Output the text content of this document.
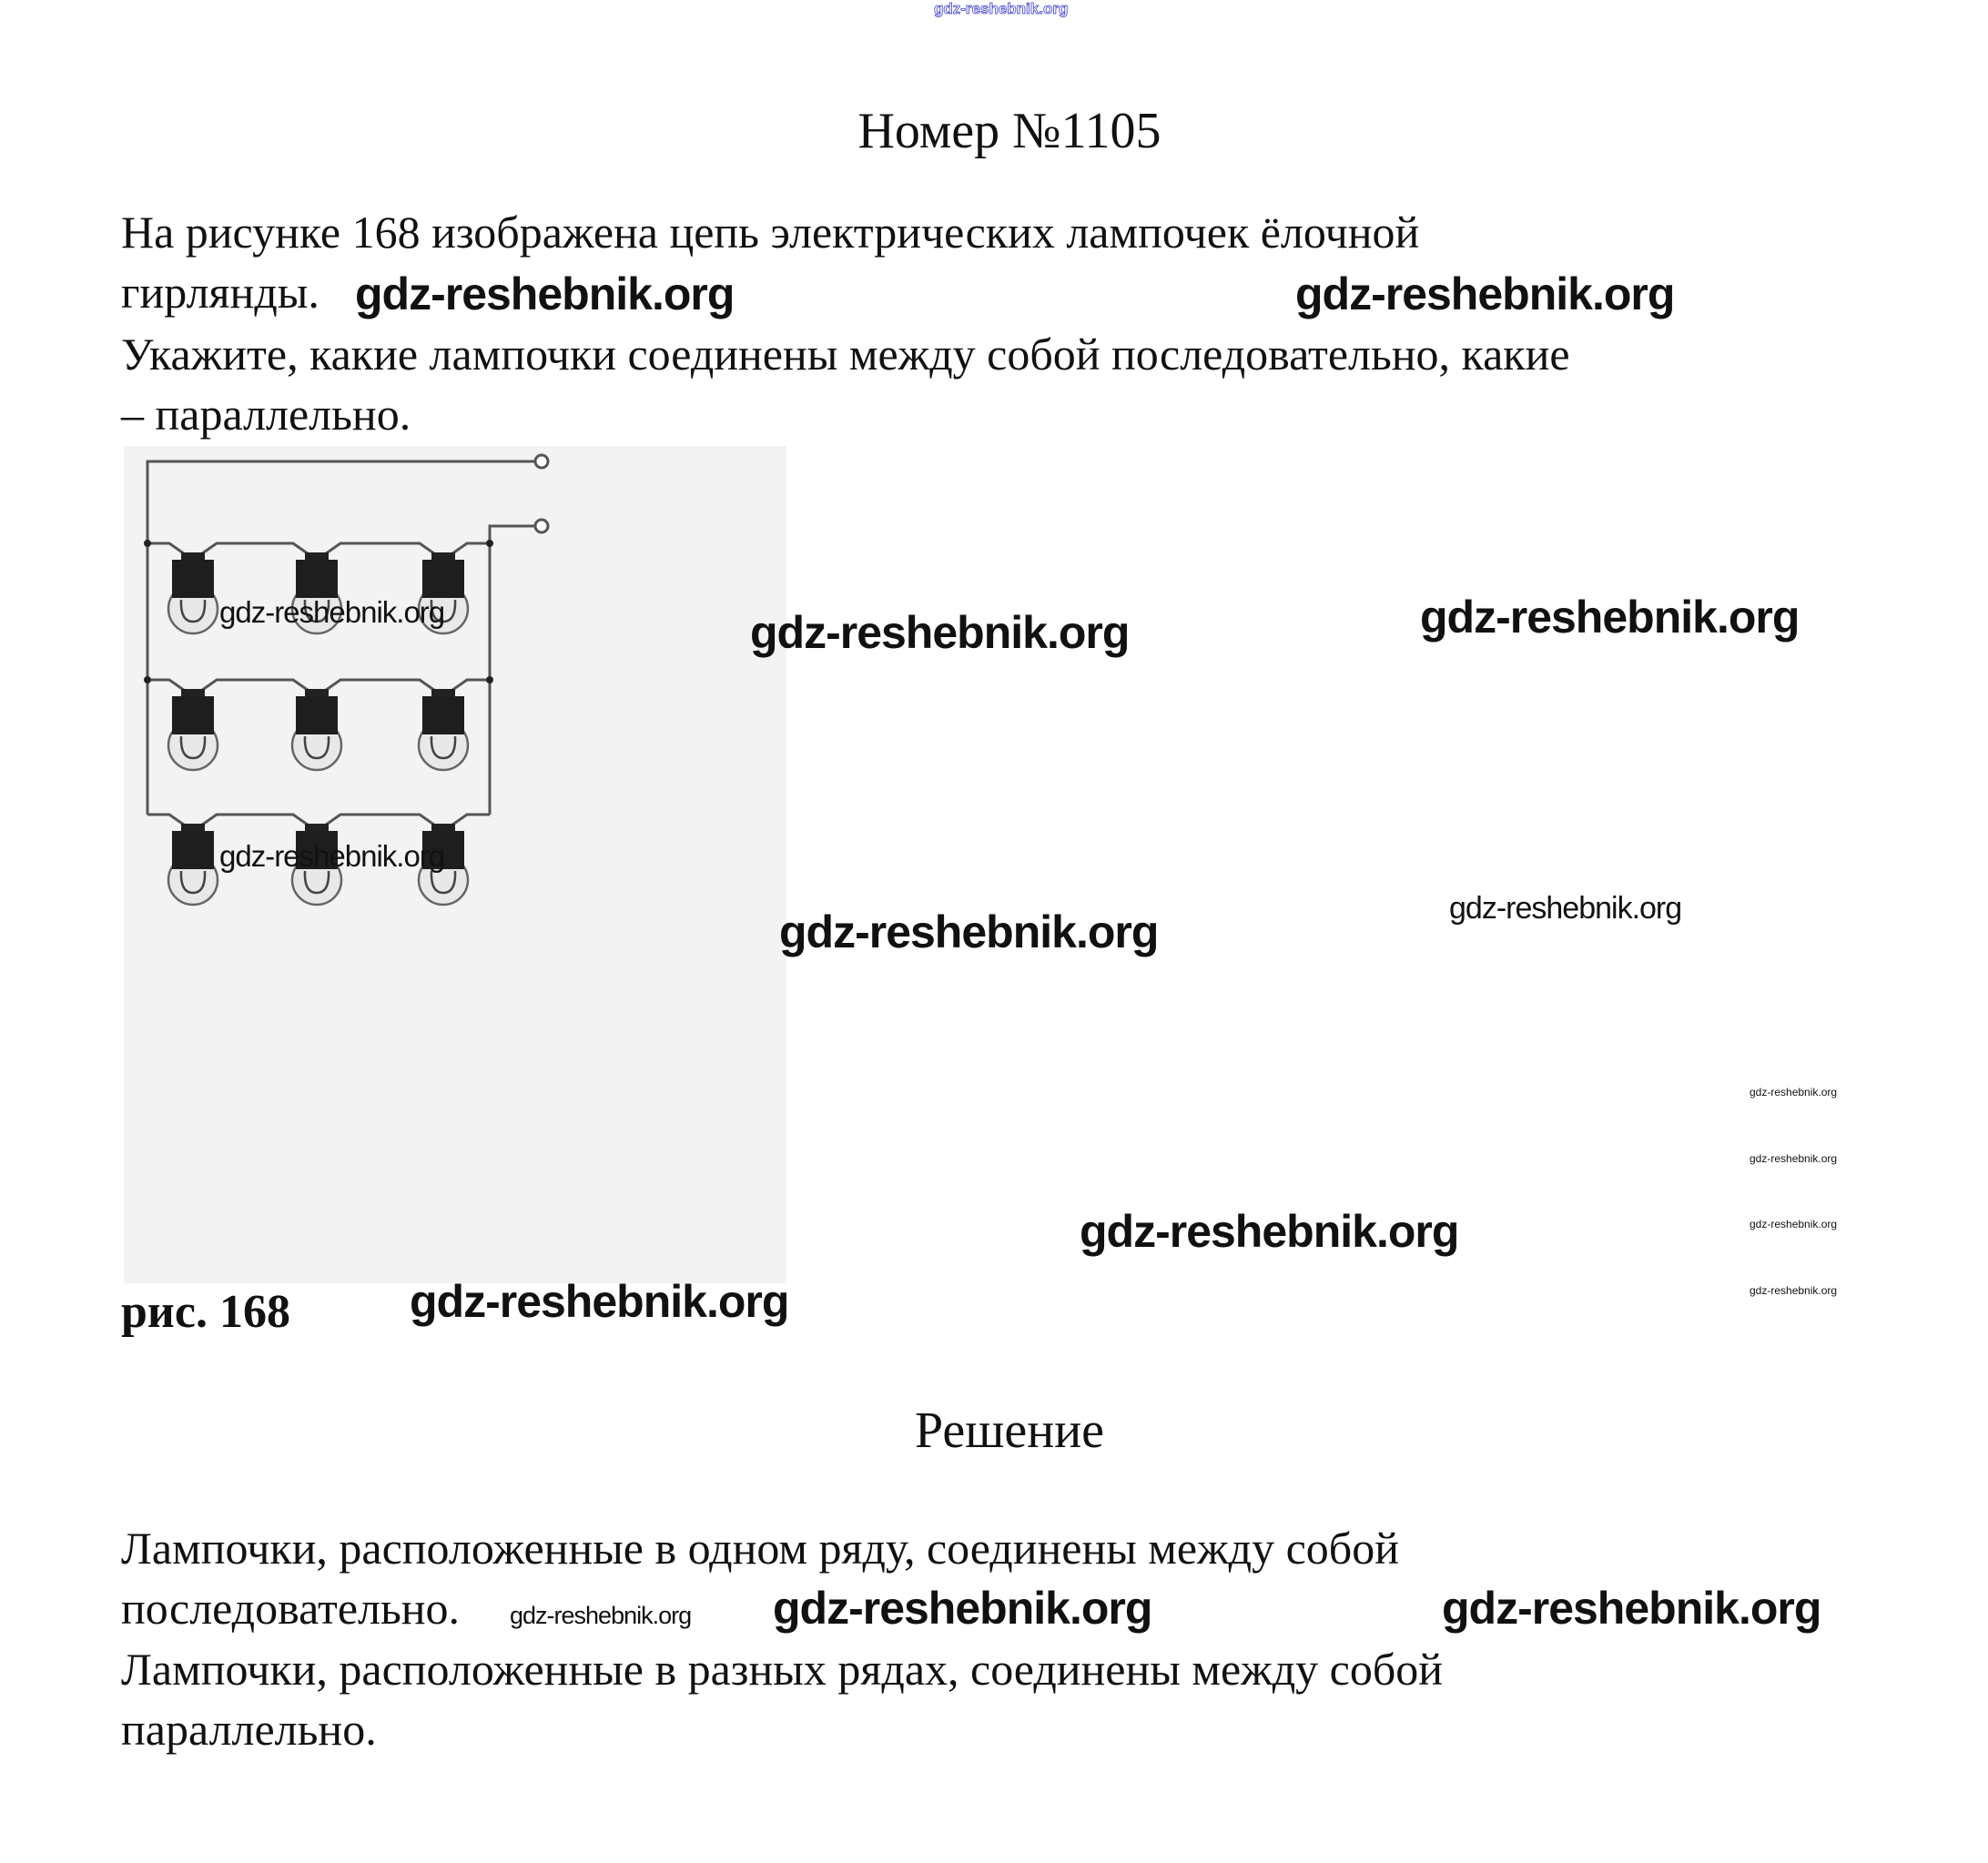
gdz-reshebnik.org
Номер №1105
На рисунке 168 изображена цепь электрических лампочек ёлочной
гирлянды.
Укажите, какие лампочки соединены между собой последовательно, какие
– параллельно.
рис. 168
Решение
Лампочки, расположенные в одном ряду, соединены между собой
последовательно.
Лампочки, расположенные в разных рядах, соединены между собой
параллельно.
gdz-reshebnik.org	gdz-reshebnik.org
gdz-reshebnik.org	gdz-reshebnik.org	gdz-reshebnik.org
gdz-reshebnik.org
gdz-reshebnik.org	gdz-reshebnik.org
gdz-reshebnik.org
gdz-reshebnik.org
gdz-reshebnik.org
gdz-reshebnik.org
gdz-reshebnik.org
gdz-reshebnik.org
gdz-reshebnik.org	gdz-reshebnik.org
gdz-reshebnik.org
